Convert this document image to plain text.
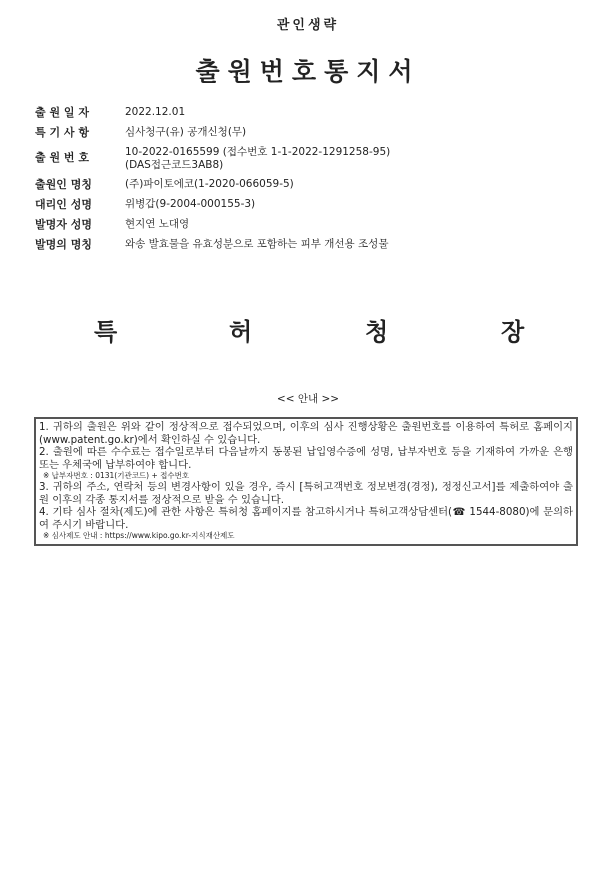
관인생략
출원번호통지서
출 원 일 자	2022.12.01
특 기 사 항	심사청구(유) 공개신청(무)
출 원 번 호	10-2022-0165599 (접수번호 1-1-2022-1291258-95)
(DAS접근코드3AB8)
출원인 명칭	(주)파이토에코(1-2020-066059-5)
대리인 성명	위병갑(9-2004-000155-3)
발명자 성명	현지연 노대영
발명의 명칭	와송 발효물을 유효성분으로 포함하는 피부 개선용 조성물
특	허	청	장
<< 안내 >>
1. 귀하의 출원은 위와 같이 정상적으로 접수되었으며, 이후의 심사 진행상황은 출원번호를 이용하여 특허로 홈페이지(www.patent.go.kr)에서 확인하실 수 있습니다.
2. 출원에 따른 수수료는 접수일로부터 다음날까지 동봉된 납입영수증에 성명, 납부자번호 등을 기재하여 가까운 은행 또는 우체국에 납부하여야 합니다.
※ 납부자번호 : 0131(기관코드) + 접수번호
3. 귀하의 주소, 연락처 등의 변경사항이 있을 경우, 즉시 [특허고객번호 정보변경(경정), 정정신고서]를 제출하여야 출원 이후의 각종 통지서를 정상적으로 받을 수 있습니다.
4. 기타 심사 절차(제도)에 관한 사항은 특허청 홈페이지를 참고하시거나 특허고객상담센터(☎ 1544-8080)에 문의하여 주시기 바랍니다.
※ 심사제도 안내 : https://www.kipo.go.kr-지식재산제도
